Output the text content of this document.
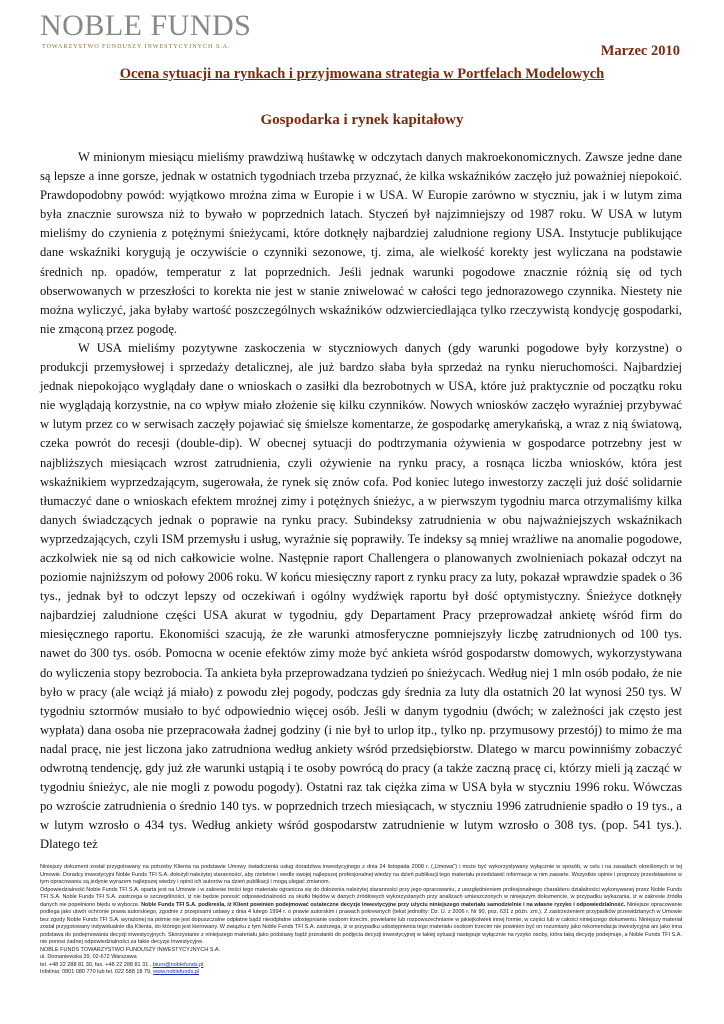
NOBLE FUNDS
TOWARZYSTWO FUNDUSZY INWESTYCYJNYCH S.A.	Marzec 2010
Ocena sytuacji na rynkach i przyjmowana strategia w Portfelach Modelowych
Gospodarka i rynek kapitałowy

W minionym miesiącu mieliśmy prawdziwą huśtawkę w odczytach danych makroekonomicznych. Zawsze jedne dane są lepsze a inne gorsze, jednak w ostatnich tygodniach trzeba przyznać, że kilka wskaźników zaczęło już poważniej niepokoić. Prawdopodobny powód: wyjątkowo mroźna zima w Europie i w USA. W Europie zarówno w styczniu, jak i w lutym zima była znacznie surowsza niż to bywało w poprzednich latach. Styczeń był najzimniejszy od 1987 roku. W USA w lutym mieliśmy do czynienia z potężnymi śnieżycami, które dotknęły najbardziej zaludnione regiony USA. Instytucje publikujące dane wskaźniki korygują je oczywiście o czynniki sezonowe, tj. zima, ale wielkość korekty jest wyliczana na podstawie średnich np. opadów, temperatur z lat poprzednich. Jeśli jednak warunki pogodowe znacznie różnią się od tych obserwowanych w przeszłości to korekta nie jest w stanie zniwelować w całości tego jednorazowego czynnika. Niestety nie można wyliczyć, jaka byłaby wartość poszczególnych wskaźników odzwierciedlająca tylko rzeczywistą kondycję gospodarki, nie zmąconą przez pogodę.

W USA mieliśmy pozytywne zaskoczenia w styczniowych danych (gdy warunki pogodowe były korzystne) o produkcji przemysłowej i sprzedaży detalicznej, ale już bardzo słaba była sprzedaż na rynku nieruchomości. Najbardziej jednak niepokojąco wyglądały dane o wnioskach o zasiłki dla bezrobotnych w USA, które już praktycznie od początku roku nie wyglądają korzystnie, na co wpływ miało złożenie się kilku czynników. Nowych wniosków zaczęło wyraźniej przybywać w lutym przez co w serwisach zaczęły pojawiać się śmielsze komentarze, że gospodarkę amerykańską, a wraz z nią światową, czeka powrót do recesji (double-dip). W obecnej sytuacji do podtrzymania ożywienia w gospodarce potrzebny jest w najbliższych miesiącach wzrost zatrudnienia, czyli ożywienie na rynku pracy, a rosnąca liczba wniosków, która jest wskaźnikiem wyprzedzającym, sugerowała, że rynek się znów cofa. Pod koniec lutego inwestorzy zaczęli już dość solidarnie tłumaczyć dane o wnioskach efektem mroźnej zimy i potężnych śnieżyc, a w pierwszym tygodniu marca otrzymaliśmy kilka danych świadczących jednak o poprawie na rynku pracy. Subindeksy zatrudnienia w obu najważniejszych wskaźnikach wyprzedzających, czyli ISM przemysłu i usług, wyraźnie się poprawiły. Te indeksy są mniej wrażliwe na anomalie pogodowe, aczkolwiek nie są od nich całkowicie wolne. Następnie raport Challengera o planowanych zwolnieniach pokazał odczyt na poziomie najniższym od połowy 2006 roku. W końcu miesięczny raport z rynku pracy za luty, pokazał wprawdzie spadek o 36 tys., jednak był to odczyt lepszy od oczekiwań i ogólny wydźwięk raportu był dość optymistyczny. Śnieżyce dotknęły najbardziej zaludnione części USA akurat w tygodniu, gdy Departament Pracy przeprowadzał ankietę wśród firm do miesięcznego raportu. Ekonomiści szacują, że złe warunki atmosferyczne pomniejszyły liczbę zatrudnionych od 100 tys. nawet do 300 tys. osób. Pomocna w ocenie efektów zimy może być ankieta wśród gospodarstw domowych, wykorzystywana do wyliczenia stopy bezrobocia. Ta ankieta była przeprowadzana tydzień po śnieżycach. Według niej 1 mln osób podało, że nie było w pracy (ale wciąż já miało) z powodu złej pogody, podczas gdy średnia za luty dla ostatnich 20 lat wynosi 250 tys. W tygodniu sztormów musiało to być odpowiednio więcej osób. Jeśli w danym tygodniu (dwóch; w zależności jak często jest wypłata) dana osoba nie przepracowała żadnej godziny (i nie był to urlop itp., tylko np. przymusowy przestój) to mimo że ma nadal pracę, nie jest liczona jako zatrudniona według ankiety wśród przedsiębiorstw. Dlatego w marcu powinniśmy zobaczyć odwrotną tendencję, gdy już złe warunki ustąpią i te osoby powrócą do pracy (a także zaczną pracę ci, którzy mieli ją zacząć w tygodniu śnieżyc, ale nie mogli z powodu pogody). Ostatni raz tak ciężka zima w USA była w styczniu 1996 roku. Wówczas po wzroście zatrudnienia o średnio 140 tys. w poprzednich trzech miesiącach, w styczniu 1996 zatrudnienie spadło o 19 tys., a w lutym wzrosło o 434 tys. Według ankiety wśród gospodarstw zatrudnienie w lutym wzrosło o 308 tys. (pop. 541 tys.). Dlatego też

Niniejszy dokument został przygotowany na potrzeby Klienta na podstawie Umowy świadczenia usług doradztwa inwestycyjnego z dnia 24 listopada 2008 r. („Umowa") i może być wykorzystywany wyłącznie w sposób, w celu i na zasadach określonych w tej Umowie. Doradcy inwestycyjni Noble Funds TFI S.A. dołożyli należytej staranności, aby rzetelnie i wedle swojej najlepszej profesjonalnej wiedzy na dzień publikacji tego materiału przedstawić informacje w nim zawarte. Wszystkie opinie i prognozy przedstawione w tym opracowaniu są jedynie wyrazem najlepszej wiedzy i opinii ich autorów na dzień publikacji i mogą ulegać zmianom.

Odpowiedzialność Noble Funds TFI S.A. oparta jest na Umowie i w zakresie treści tego materiału ogranicza się do dołożenia należytej staranności przy jego opracowaniu, z uwzględnieniem profesjonalnego charakteru działalności wykonywanej przez Noble Funds TFI S.A. Noble Funds TFI S.A. zastrzega w szczególności, iż nie będzie ponosić odpowiedzialności za skutki błędów w danych źródłowych wykorzystanych przy analizach umieszczonych w niniejszym dokumencie, w przypadku wykazania, iż w zakresie źródła danych nie popełniono błędu w wyborze. Noble Funds TFI S.A. podkreśla, iż Klient powinien podejmować ostateczne decyzje inwestycyjne przy użyciu niniejszego materiału samodzielnie i na własne ryzyko i odpowiedzialność. Niniejsze opracowanie podlega jako utwór ochronie prawa autorskiego, zgodnie z przepisami ustawy z dnia 4 lutego 1994 r. o prawie autorskim i prawach pokrewnych (tekst jednolity: Dz. U. z 2006 r. Nr 90, poz. 631 z późn. zm.). Z zastrzeżeniem przypadków przewidzianych w Umowie bez zgody Noble Funds TFI S.A. wyrażonej na piśmie nie jest dopuszczalne odpłatne bądź nieodpłatne udostępnianie osobom trzecim, powielanie lub rozpowszechnianie w jakiejkolwiek innej formie, w części lub w całości niniejszego dokumentu. Niniejszy materiał został przygotowany indywidualnie dla Klienta, do którego jest kierowany. W związku z tym Noble Funds TFI S.A. zastrzega, iż w przypadku udostępnienia tego materiału osobom trzecim nie powinien być on rozumiany jako rekomendacja inwestycyjna ani jako inna podstawa do podejmowania decyzji inwestycyjnych. Skorzystanie z niniejszego materiału jako podstawy bądź przesłanki do podjęcia decyzji inwestycyjnej w takiej sytuacji następuje wyłącznie na ryzyko osoby, która taką decyzję podejmuje, a Noble Funds TFI S.A. nie ponosi żadnej odpowiedzialności za takie decyzje inwestycyjne.

NOBLE FUNDS TOWARZYSTWO FUNDUSZY INWESTYCYJNYCH S.A.

ul. Domaniewska 39, 02-672 Warszawa

tel. +48 22 288 81 30, fax. +48 22 288 81 31 , biuro@noblefunds.pl

Infolinia: 0801 080 770 lub tel. 022 588 18 79, www.noblefunds.pl
